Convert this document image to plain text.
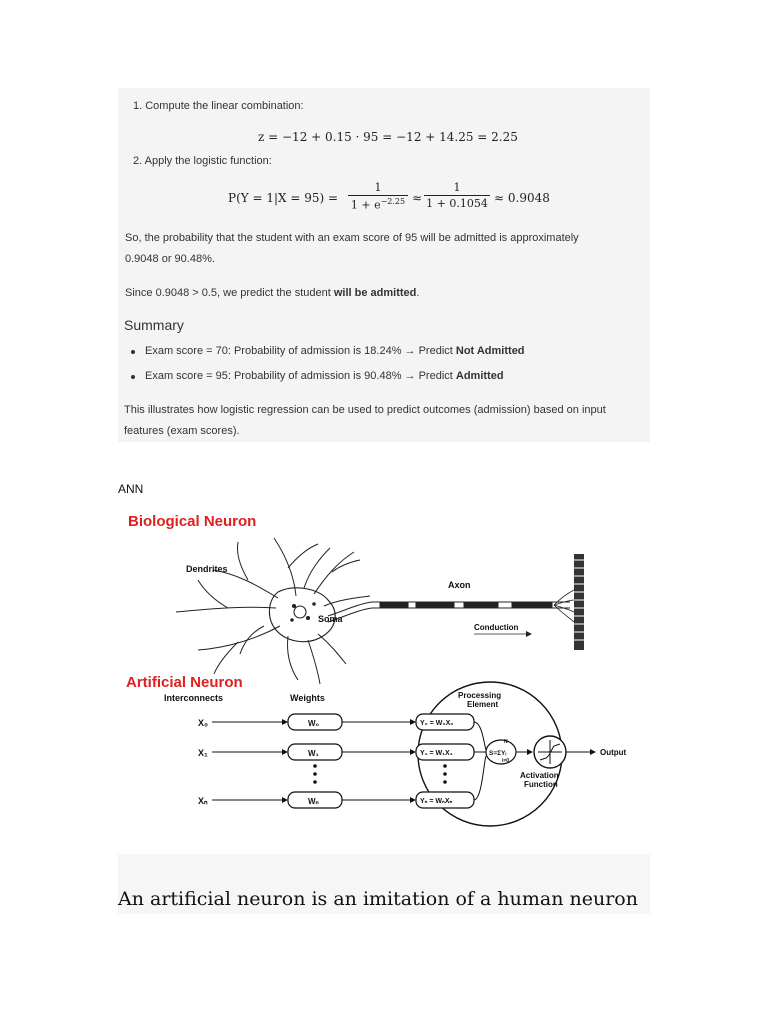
1. Compute the linear combination:
z = −12 + 0.15 · 95 = −12 + 14.25 = 2.25
2. Apply the logistic function:
$P(Y = 1|X = 95) = \frac{1}{1 + e^{-2.25}} \approx \frac{1}{1 + 0.1054} \approx 0.9048$
So, the probability that the student with an exam score of 95 will be admitted is approximately
0.9048 or 90.48%.
Since 0.9048 > 0.5, we predict the student will be admitted.
Summary
Exam score = 70: Probability of admission is 18.24% → Predict Not Admitted
Exam score = 95: Probability of admission is 90.48% → Predict Admitted
This illustrates how logistic regression can be used to predict outcomes (admission) based on input
features (exam scores).
ANN
Biological Neuron
Dendrites
Axon
Soma
Conduction
Artificial Neuron
Interconnects	Weights	Processing
Element
X₀
X₁
Xₙ
W₀
W₁
Wₙ
Y₀ = W₀X₀
Y₁ = W₁X₁
Yₙ = WₙXₙ
N
S=ΣYᵢ
i=0
Activation
Function
Output
An artificial neuron is an imitation of a human neuron
